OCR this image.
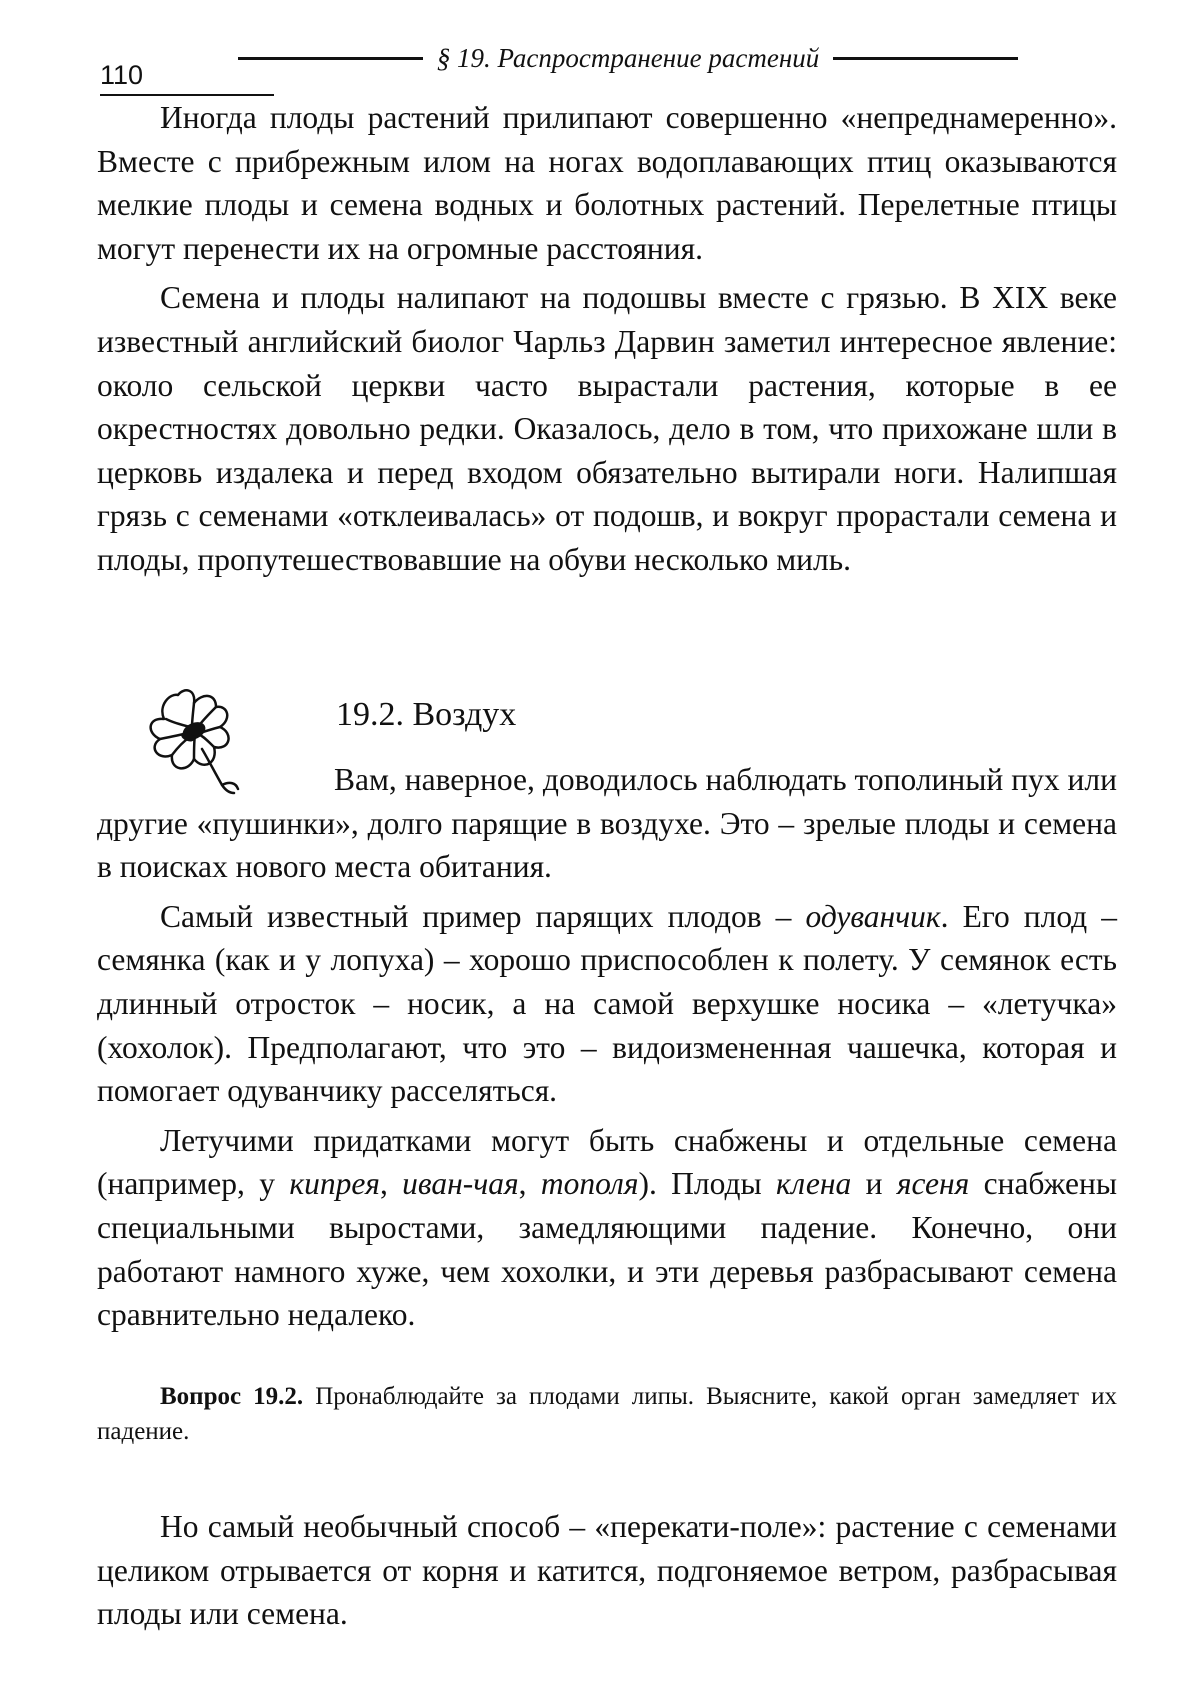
110
§ 19. Распространение растений

Иногда плоды растений прилипают совершенно «непреднамеренно». Вместе с прибрежным илом на ногах водоплавающих птиц оказываются мелкие плоды и семена водных и болотных растений. Перелетные птицы могут перенести их на огромные расстояния.

Семена и плоды налипают на подошвы вместе с грязью. В XIX веке известный английский биолог Чарльз Дарвин заметил интересное явление: около сельской церкви часто вырастали растения, которые в ее окрестностях довольно редки. Оказалось, дело в том, что прихожане шли в церковь издалека и перед входом обязательно вытирали ноги. Налипшая грязь с семенами «отклеивалась» от подошв, и вокруг прорастали семена и плоды, пропутешествовавшие на обуви несколько миль.

19.2. Воздух

Вам, наверное, доводилось наблюдать тополиный пух или другие «пушинки», долго парящие в воздухе. Это – зрелые плоды и семена в поисках нового места обитания.

Самый известный пример парящих плодов – одуванчик. Его плод – семянка (как и у лопуха) – хорошо приспособлен к полету. У семянок есть длинный отросток – носик, а на самой верхушке носика – «летучка» (хохолок). Предполагают, что это – видоизмененная чашечка, которая и помогает одуванчику расселяться.

Летучими придатками могут быть снабжены и отдельные семена (например, у кипрея, иван-чая, тополя). Плоды клена и ясеня снабжены специальными выростами, замедляющими падение. Конечно, они работают намного хуже, чем хохолки, и эти деревья разбрасывают семена сравнительно недалеко.

Вопрос 19.2. Пронаблюдайте за плодами липы. Выясните, какой орган замедляет их падение.

Но самый необычный способ – «перекати-поле»: растение с семенами целиком отрывается от корня и катится, подгоняемое ветром, разбрасывая плоды или семена.
